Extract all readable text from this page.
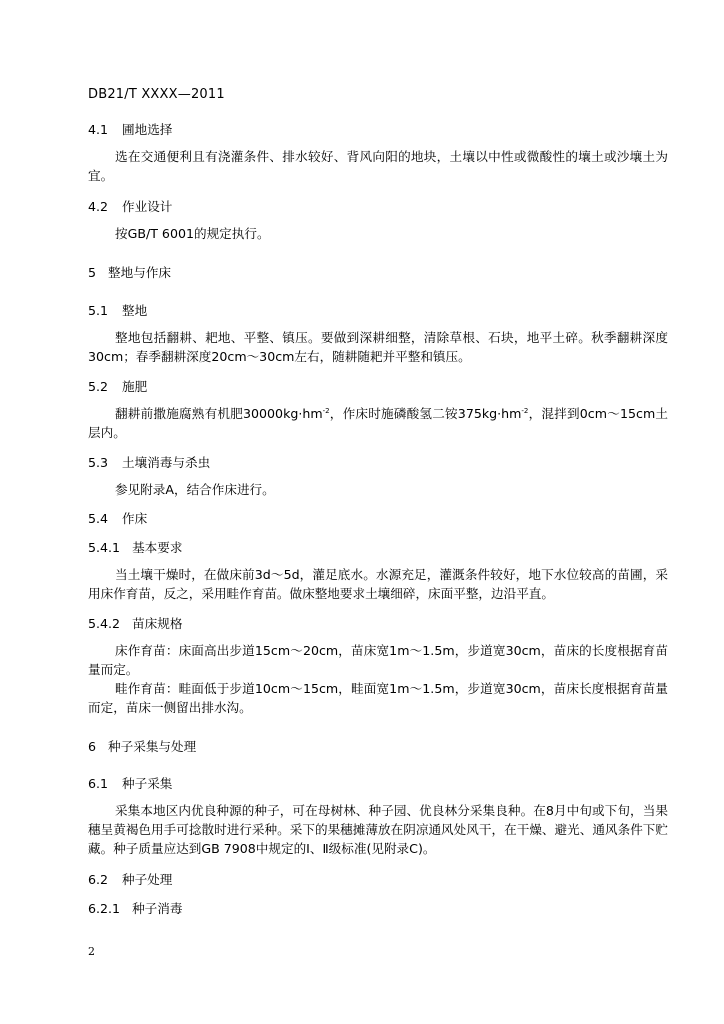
DB21/T XXXX—2011
4.1 圃地选择
选在交通便利且有浇灌条件、排水较好、背风向阳的地块，土壤以中性或微酸性的壤土或沙壤土为宜。
4.2 作业设计
按GB/T 6001的规定执行。
5 整地与作床
5.1 整地
整地包括翻耕、耙地、平整、镇压。要做到深耕细整，清除草根、石块，地平土碎。秋季翻耕深度30cm；春季翻耕深度20cm～30cm左右，随耕随耙并平整和镇压。
5.2 施肥
翻耕前撒施腐熟有机肥$30000kg\cdot hm^{-2}$，作床时施磷酸氢二铵$375kg\cdot hm^{-2}$，混拌到0cm～15cm土层内。
5.3 土壤消毒与杀虫
参见附录A，结合作床进行。
5.4 作床
5.4.1 基本要求
当土壤干燥时，在做床前3d～5d，灌足底水。水源充足，灌溉条件较好，地下水位较高的苗圃，采用床作育苗，反之，采用畦作育苗。做床整地要求土壤细碎，床面平整，边沿平直。
5.4.2 苗床规格
床作育苗：床面高出步道15cm～20cm，苗床宽1m～1.5m，步道宽30cm，苗床的长度根据育苗量而定。
畦作育苗：畦面低于步道10cm～15cm，畦面宽1m～1.5m，步道宽30cm，苗床长度根据育苗量而定，苗床一侧留出排水沟。
6 种子采集与处理
6.1 种子采集
采集本地区内优良种源的种子，可在母树林、种子园、优良林分采集良种。在8月中旬或下旬，当果穗呈黄褐色用手可捻散时进行采种。采下的果穗摊薄放在阴凉通风处风干，在干燥、避光、通风条件下贮藏。种子质量应达到GB 7908中规定的Ⅰ、Ⅱ级标准(见附录C)。
6.2 种子处理
6.2.1 种子消毒
2
